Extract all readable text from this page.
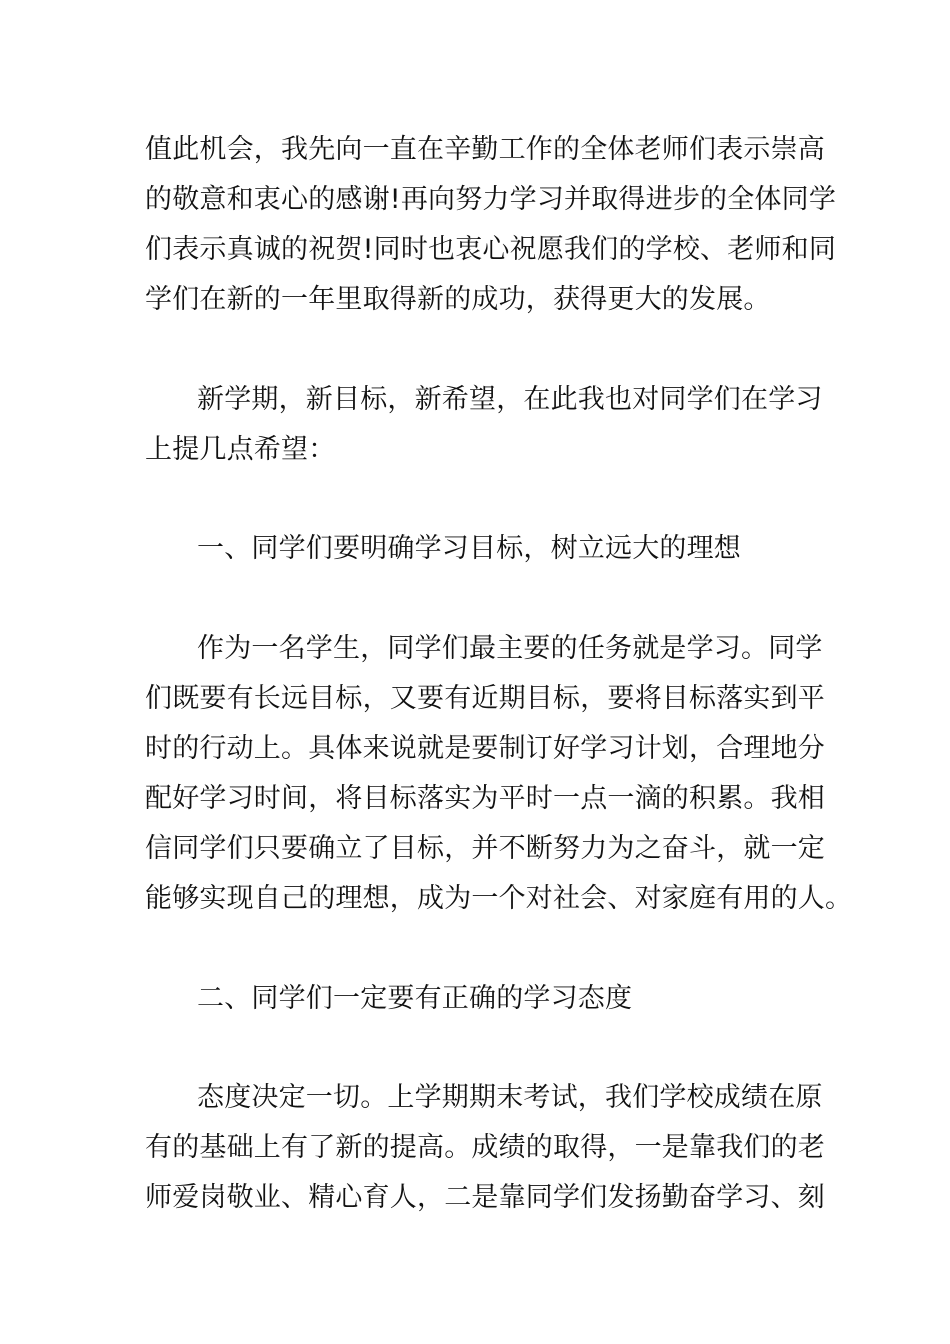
值此机会，我先向一直在辛勤工作的全体老师们表示崇高
的敬意和衷心的感谢!再向努力学习并取得进步的全体同学
们表示真诚的祝贺!同时也衷心祝愿我们的学校、老师和同
学们在新的一年里取得新的成功，获得更大的发展。
新学期，新目标，新希望，在此我也对同学们在学习
上提几点希望：
一、同学们要明确学习目标，树立远大的理想
作为一名学生，同学们最主要的任务就是学习。同学
们既要有长远目标，又要有近期目标，要将目标落实到平
时的行动上。具体来说就是要制订好学习计划，合理地分
配好学习时间，将目标落实为平时一点一滴的积累。我相
信同学们只要确立了目标，并不断努力为之奋斗，就一定
能够实现自己的理想，成为一个对社会、对家庭有用的人。
二、同学们一定要有正确的学习态度
态度决定一切。上学期期末考试，我们学校成绩在原
有的基础上有了新的提高。成绩的取得，一是靠我们的老
师爱岗敬业、精心育人，二是靠同学们发扬勤奋学习、刻
